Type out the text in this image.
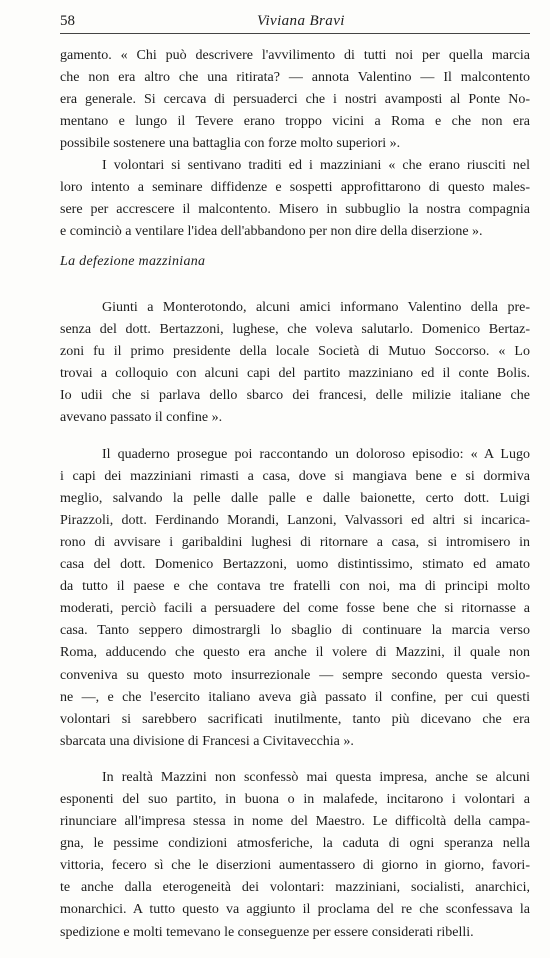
58	Viviana Bravi

gamento. « Chi può descrivere l'avvilimento di tutti noi per quella marcia
che non era altro che una ritirata? — annota Valentino — Il malcontento
era generale. Si cercava di persuaderci che i nostri avamposti al Ponte No-
mentano e lungo il Tevere erano troppo vicini a Roma e che non era
possibile sostenere una battaglia con forze molto superiori ».

I volontari si sentivano traditi ed i mazziniani « che erano riusciti nel
loro intento a seminare diffidenze e sospetti approfittarono di questo males-
sere per accrescere il malcontento. Misero in subbuglio la nostra compagnia
e cominciò a ventilare l'idea dell'abbandono per non dire della diserzione ».

La defezione mazziniana

Giunti a Monterotondo, alcuni amici informano Valentino della pre-
senza del dott. Bertazzoni, lughese, che voleva salutarlo. Domenico Bertaz-
zoni fu il primo presidente della locale Società di Mutuo Soccorso. « Lo
trovai a colloquio con alcuni capi del partito mazziniano ed il conte Bolis.
Io udii che si parlava dello sbarco dei francesi, delle milizie italiane che
avevano passato il confine ».

Il quaderno prosegue poi raccontando un doloroso episodio: « A Lugo
i capi dei mazziniani rimasti a casa, dove si mangiava bene e si dormiva
meglio, salvando la pelle dalle palle e dalle baionette, certo dott. Luigi
Pirazzoli, dott. Ferdinando Morandi, Lanzoni, Valvassori ed altri si incarica-
rono di avvisare i garibaldini lughesi di ritornare a casa, si intromisero in
casa del dott. Domenico Bertazzoni, uomo distintissimo, stimato ed amato
da tutto il paese e che contava tre fratelli con noi, ma di principi molto
moderati, perciò facili a persuadere del come fosse bene che si ritornasse a
casa. Tanto seppero dimostrargli lo sbaglio di continuare la marcia verso
Roma, adducendo che questo era anche il volere di Mazzini, il quale non
conveniva su questo moto insurrezionale — sempre secondo questa versio-
ne —, e che l'esercito italiano aveva già passato il confine, per cui questi
volontari si sarebbero sacrificati inutilmente, tanto più dicevano che era
sbarcata una divisione di Francesi a Civitavecchia ».

In realtà Mazzini non sconfessò mai questa impresa, anche se alcuni
esponenti del suo partito, in buona o in malafede, incitarono i volontari a
rinunciare all'impresa stessa in nome del Maestro. Le difficoltà della campa-
gna, le pessime condizioni atmosferiche, la caduta di ogni speranza nella
vittoria, fecero sì che le diserzioni aumentassero di giorno in giorno, favori-
te anche dalla eterogeneità dei volontari: mazziniani, socialisti, anarchici,
monarchici. A tutto questo va aggiunto il proclama del re che sconfessava la
spedizione e molti temevano le conseguenze per essere considerati ribelli.
